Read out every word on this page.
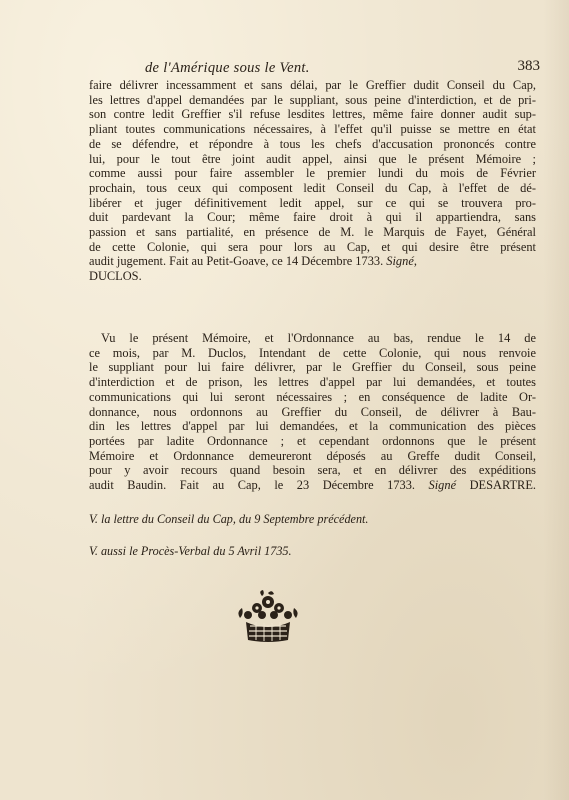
de l'Amérique sous le Vent.	383
faire délivrer incessamment et sans délai, par le Greffier dudit Conseil du Cap,
les lettres d'appel demandées par le suppliant, sous peine d'interdiction, et de pri-
son contre ledit Greffier s'il refuse lesdites lettres, même faire donner audit sup-
pliant toutes communications nécessaires, à l'effet qu'il puisse se mettre en état
de se défendre, et répondre à tous les chefs d'accusation prononcés contre
lui, pour le tout être joint audit appel, ainsi que le présent Mémoire ;
comme aussi pour faire assembler le premier lundi du mois de Février
prochain, tous ceux qui composent ledit Conseil du Cap, à l'effet de dé-
libérer et juger définitivement ledit appel, sur ce qui se trouvera pro-
duit pardevant la Cour; même faire droit à qui il appartiendra, sans
passion et sans partialité, en présence de M. le Marquis de Fayet, Général
de cette Colonie, qui sera pour lors au Cap, et qui desire être présent
audit jugement. Fait au Petit-Goave, ce 14 Décembre 1733. Signé,
DUCLOS.
Vu le présent Mémoire, et l'Ordonnance au bas, rendue le 14 de
ce mois, par M. Duclos, Intendant de cette Colonie, qui nous renvoie
le suppliant pour lui faire délivrer, par le Greffier du Conseil, sous peine
d'interdiction et de prison, les lettres d'appel par lui demandées, et toutes
communications qui lui seront nécessaires ; en conséquence de ladite Or-
donnance, nous ordonnons au Greffier du Conseil, de délivrer à Bau-
din les lettres d'appel par lui demandées, et la communication des pièces
portées par ladite Ordonnance ; et cependant ordonnons que le présent
Mémoire et Ordonnance demeureront déposés au Greffe dudit Conseil,
pour y avoir recours quand besoin sera, et en délivrer des expéditions
audit Baudin. Fait au Cap, le 23 Décembre 1733. Signé DESARTRE.
V. la lettre du Conseil du Cap, du 9 Septembre précédent.
V. aussi le Procès-Verbal du 5 Avril 1735.
